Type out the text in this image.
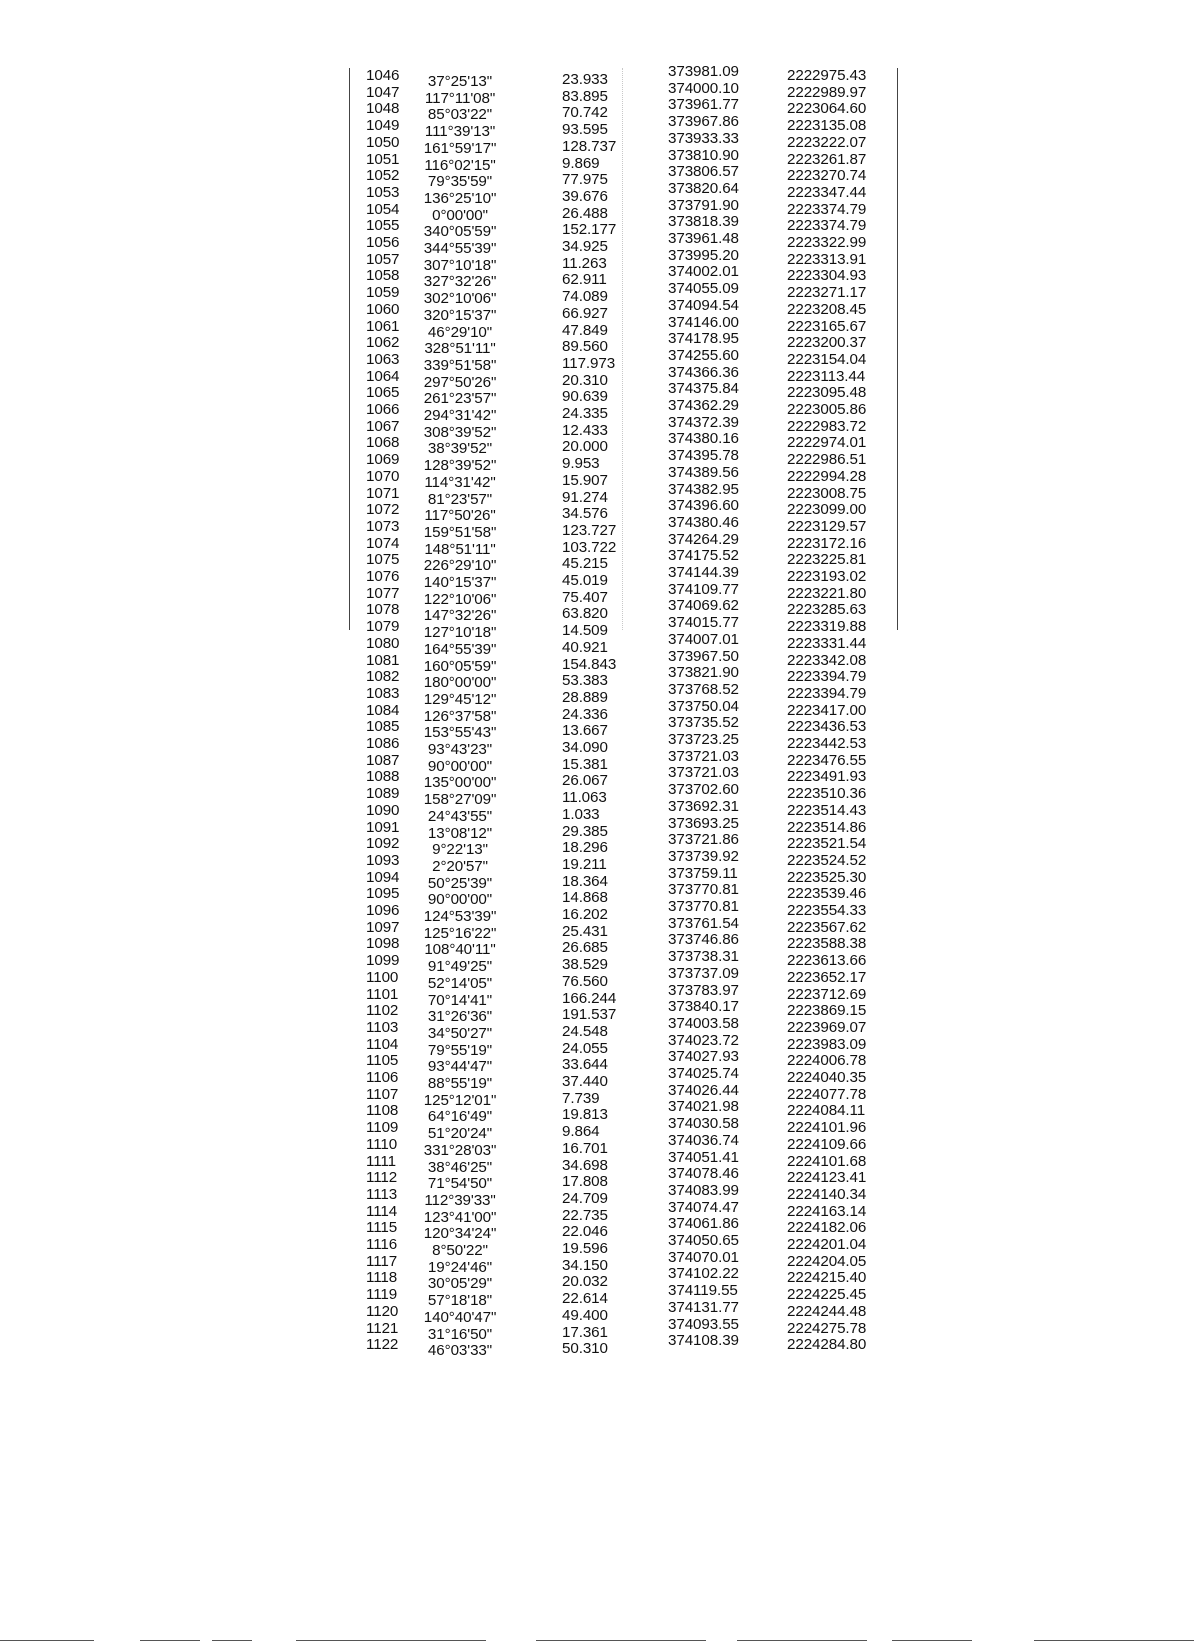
1046	37°25'13"	23.933	373981.09	2222975.43
1047	117°11'08"	83.895	374000.10	2222989.97
1048	85°03'22"	70.742	373961.77	2223064.60
1049	111°39'13"	93.595	373967.86	2223135.08
1050	161°59'17"	128.737	373933.33	2223222.07
1051	116°02'15"	9.869	373810.90	2223261.87
1052	79°35'59"	77.975	373806.57	2223270.74
1053	136°25'10"	39.676	373820.64	2223347.44
1054	0°00'00"	26.488	373791.90	2223374.79
1055	340°05'59"	152.177	373818.39	2223374.79
1056	344°55'39"	34.925	373961.48	2223322.99
1057	307°10'18"	11.263	373995.20	2223313.91
1058	327°32'26"	62.911	374002.01	2223304.93
1059	302°10'06"	74.089	374055.09	2223271.17
1060	320°15'37"	66.927	374094.54	2223208.45
1061	46°29'10"	47.849	374146.00	2223165.67
1062	328°51'11"	89.560	374178.95	2223200.37
1063	339°51'58"	117.973	374255.60	2223154.04
1064	297°50'26"	20.310	374366.36	2223113.44
1065	261°23'57"	90.639	374375.84	2223095.48
1066	294°31'42"	24.335	374362.29	2223005.86
1067	308°39'52"	12.433	374372.39	2222983.72
1068	38°39'52"	20.000	374380.16	2222974.01
1069	128°39'52"	9.953	374395.78	2222986.51
1070	114°31'42"	15.907	374389.56	2222994.28
1071	81°23'57"	91.274	374382.95	2223008.75
1072	117°50'26"	34.576	374396.60	2223099.00
1073	159°51'58"	123.727	374380.46	2223129.57
1074	148°51'11"	103.722	374264.29	2223172.16
1075	226°29'10"	45.215	374175.52	2223225.81
1076	140°15'37"	45.019	374144.39	2223193.02
1077	122°10'06"	75.407	374109.77	2223221.80
1078	147°32'26"	63.820	374069.62	2223285.63
1079	127°10'18"	14.509	374015.77	2223319.88
1080	164°55'39"	40.921	374007.01	2223331.44
1081	160°05'59"	154.843	373967.50	2223342.08
1082	180°00'00"	53.383	373821.90	2223394.79
1083	129°45'12"	28.889	373768.52	2223394.79
1084	126°37'58"	24.336	373750.04	2223417.00
1085	153°55'43"	13.667	373735.52	2223436.53
1086	93°43'23"	34.090	373723.25	2223442.53
1087	90°00'00"	15.381	373721.03	2223476.55
1088	135°00'00"	26.067	373721.03	2223491.93
1089	158°27'09"	11.063	373702.60	2223510.36
1090	24°43'55"	1.033	373692.31	2223514.43
1091	13°08'12"	29.385	373693.25	2223514.86
1092	9°22'13"	18.296	373721.86	2223521.54
1093	2°20'57"	19.211	373739.92	2223524.52
1094	50°25'39"	18.364	373759.11	2223525.30
1095	90°00'00"	14.868	373770.81	2223539.46
1096	124°53'39"	16.202	373770.81	2223554.33
1097	125°16'22"	25.431	373761.54	2223567.62
1098	108°40'11"	26.685	373746.86	2223588.38
1099	91°49'25"	38.529	373738.31	2223613.66
1100	52°14'05"	76.560	373737.09	2223652.17
1101	70°14'41"	166.244	373783.97	2223712.69
1102	31°26'36"	191.537	373840.17	2223869.15
1103	34°50'27"	24.548	374003.58	2223969.07
1104	79°55'19"	24.055	374023.72	2223983.09
1105	93°44'47"	33.644	374027.93	2224006.78
1106	88°55'19"	37.440	374025.74	2224040.35
1107	125°12'01"	7.739	374026.44	2224077.78
1108	64°16'49"	19.813	374021.98	2224084.11
1109	51°20'24"	9.864	374030.58	2224101.96
1110	331°28'03"	16.701	374036.74	2224109.66
1111	38°46'25"	34.698	374051.41	2224101.68
1112	71°54'50"	17.808	374078.46	2224123.41
1113	112°39'33"	24.709	374083.99	2224140.34
1114	123°41'00"	22.735	374074.47	2224163.14
1115	120°34'24"	22.046	374061.86	2224182.06
1116	8°50'22"	19.596	374050.65	2224201.04
1117	19°24'46"	34.150	374070.01	2224204.05
1118	30°05'29"	20.032	374102.22	2224215.40
1119	57°18'18"	22.614	374119.55	2224225.45
1120	140°40'47"	49.400	374131.77	2224244.48
1121	31°16'50"	17.361	374093.55	2224275.78
1122	46°03'33"	50.310	374108.39	2224284.80
